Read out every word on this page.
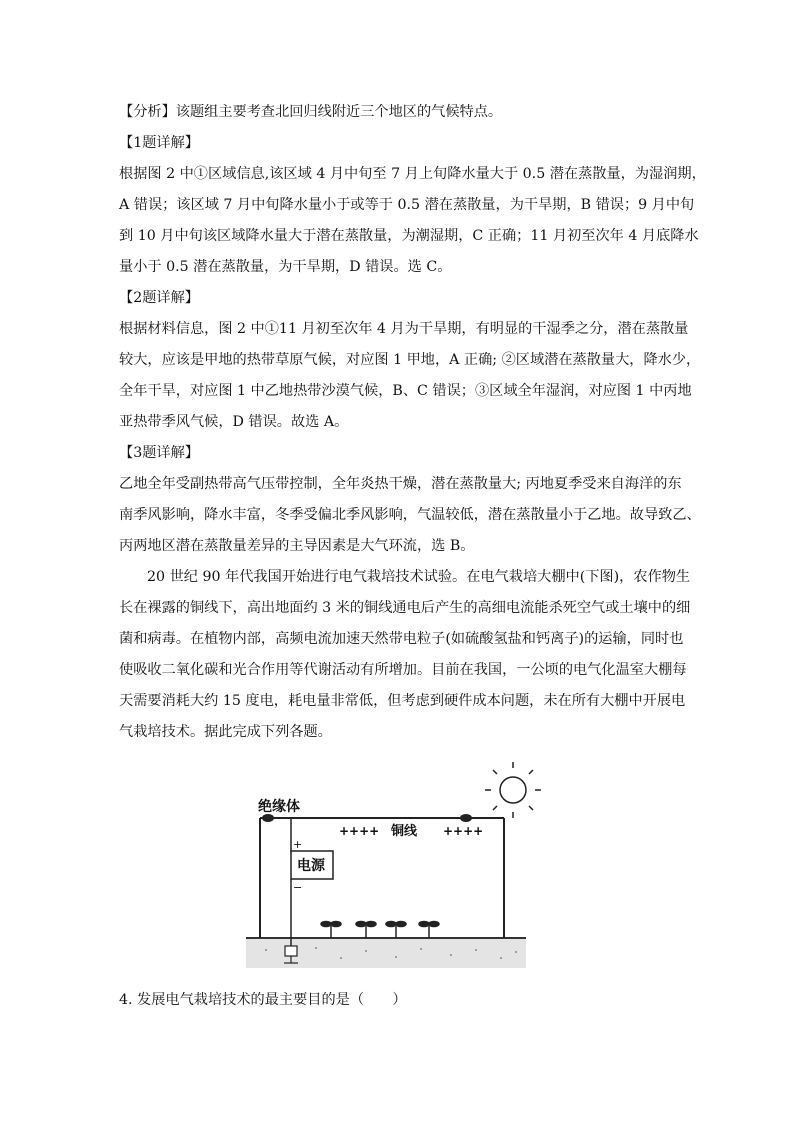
【分析】该题组主要考查北回归线附近三个地区的气候特点。
【1题详解】
根据图 2 中①区域信息,该区域 4 月中旬至 7 月上旬降水量大于 0.5 潜在蒸散量，为湿润期，
A 错误；该区域 7 月中旬降水量小于或等于 0.5 潜在蒸散量，为干旱期，B 错误；9 月中旬
到 10 月中旬该区域降水量大于潜在蒸散量，为潮湿期，C 正确；11 月初至次年 4 月底降水
量小于 0.5 潜在蒸散量，为干旱期，D 错误。选 C。
【2题详解】
根据材料信息，图 2 中①11 月初至次年 4 月为干旱期，有明显的干湿季之分，潜在蒸散量
较大，应该是甲地的热带草原气候，对应图 1 甲地，A 正确; ②区域潜在蒸散量大，降水少，
全年干旱，对应图 1 中乙地热带沙漠气候，B、C 错误；③区域全年湿润，对应图 1 中丙地
亚热带季风气候，D 错误。故选 A。
【3题详解】
乙地全年受副热带高气压带控制，全年炎热干燥，潜在蒸散量大; 丙地夏季受来自海洋的东
南季风影响，降水丰富，冬季受偏北季风影响，气温较低，潜在蒸散量小于乙地。故导致乙、
丙两地区潜在蒸散量差异的主导因素是大气环流，选 B。
20 世纪 90 年代我国开始进行电气栽培技术试验。在电气栽培大棚中(下图)，农作物生
长在裸露的铜线下，高出地面约 3 米的铜线通电后产生的高细电流能杀死空气或土壤中的细
菌和病毒。在植物内部，高频电流加速天然带电粒子(如硫酸氢盐和钙离子)的运输，同时也
使吸收二氧化碳和光合作用等代谢活动有所增加。目前在我国，一公顷的电气化温室大棚每
天需要消耗大约 15 度电，耗电量非常低，但考虑到硬件成本问题，未在所有大棚中开展电
气栽培技术。据此完成下列各题。
绝缘体
铜线
++++	++++
电源
+
−
4. 发展电气栽培技术的最主要目的是（　　）
